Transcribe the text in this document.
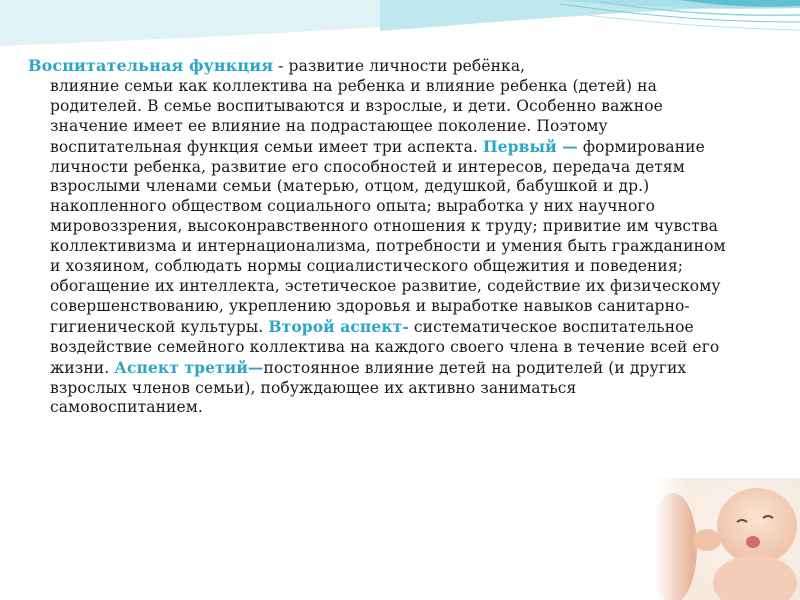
Воспитательная функция - развитие личности ребёнка,

влияние семьи как коллектива на ребенка и влияние ребенка (детей) на родителей. В семье воспитываются и взрослые, и дети. Особенно важное значение имеет ее влияние на подрастающее поколение. Поэтому воспитательная функция семьи имеет три аспекта. Первый — формирование личности ребенка, развитие его способностей и интересов, передача детям взрослыми членами семьи (матерью, отцом, дедушкой, бабушкой и др.) накопленного обществом социального опыта; выработка у них научного мировоззрения, высоконравственного отношения к труду; привитие им чувства коллективизма и интернационализма, потребности и умения быть гражданином и хозяином, соблюдать нормы социалистического общежития и поведения; обогащение их интеллекта, эстетическое развитие, содействие их физическому совершенствованию, укреплению здоровья и выработке навыков санитарно- гигиенической культуры. Второй аспект- систематическое воспитательное воздействие семейного коллектива на каждого своего члена в течение всей его жизни. Аспект третий—постоянное влияние детей на родителей (и других взрослых членов семьи), побуждающее их активно заниматься самовоспитанием.
